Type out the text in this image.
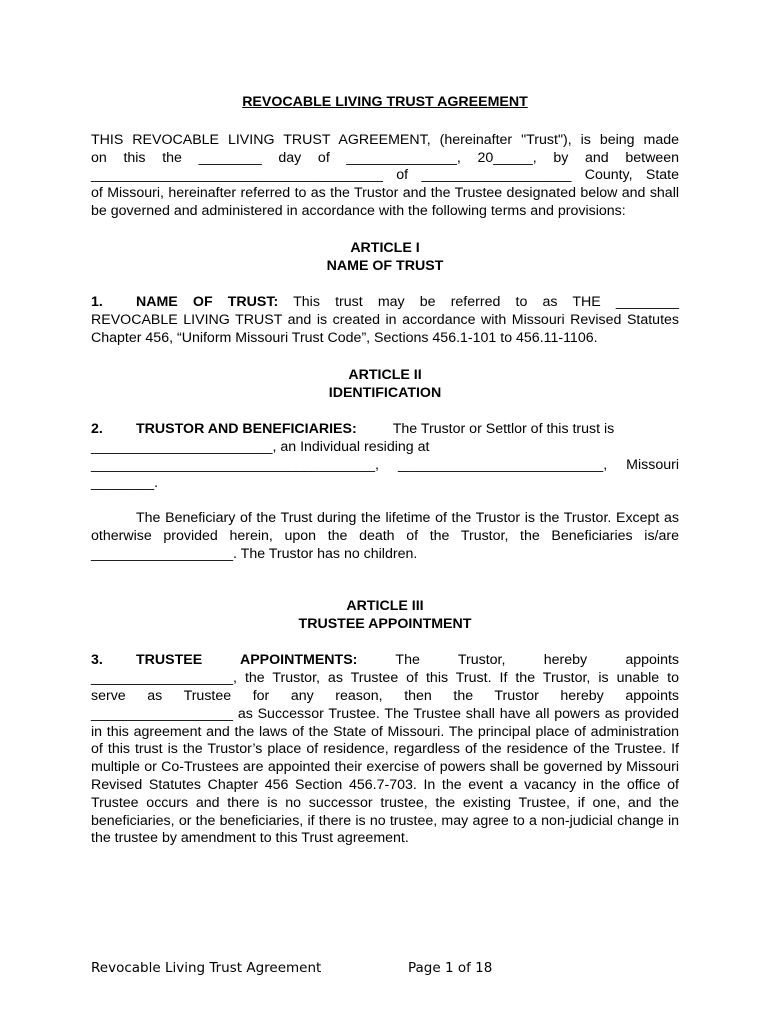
REVOCABLE LIVING TRUST AGREEMENT

THIS REVOCABLE LIVING TRUST AGREEMENT, (hereinafter "Trust"), is being made

on this the ________ day of ______________, 20_____, by and between

_____________________________________ of ___________________ County, State

of Missouri, hereinafter referred to as the Trustor and the Trustee designated below and shall be governed and administered in accordance with the following terms and provisions:

ARTICLE I

NAME OF TRUST

1. NAME OF TRUST: This trust may be referred to as THE ________

REVOCABLE LIVING TRUST and is created in accordance with Missouri Revised Statutes Chapter 456, “Uniform Missouri Trust Code”, Sections 456.1-101 to 456.11-1106.

ARTICLE II

IDENTIFICATION

2. TRUSTOR AND BENEFICIARIES:	The Trustor or Settlor of this trust is

_______________________, an Individual residing at

____________________________________, __________________________, Missouri

________.

The Beneficiary of the Trust during the lifetime of the Trustor is the Trustor. Except as otherwise provided herein, upon the death of the Trustor, the Beneficiaries is/are __________________. The Trustor has no children.

ARTICLE III

TRUSTEE APPOINTMENT

3. TRUSTEE APPOINTMENTS:	The Trustor, hereby appoints

__________________, the Trustor, as Trustee of this Trust. If the Trustor, is unable to

serve as Trustee for any reason, then the Trustor hereby appoints

__________________ as Successor Trustee. The Trustee shall have all powers as provided in this agreement and the laws of the State of Missouri. The principal place of administration of this trust is the Trustor’s place of residence, regardless of the residence of the Trustee. If multiple or Co-Trustees are appointed their exercise of powers shall be governed by Missouri Revised Statutes Chapter 456 Section 456.7-703. In the event a vacancy in the office of Trustee occurs and there is no successor trustee, the existing Trustee, if one, and the beneficiaries, or the beneficiaries, if there is no trustee, may agree to a non-judicial change in the trustee by amendment to this Trust agreement.

Revocable Living Trust Agreement	Page 1 of 18
